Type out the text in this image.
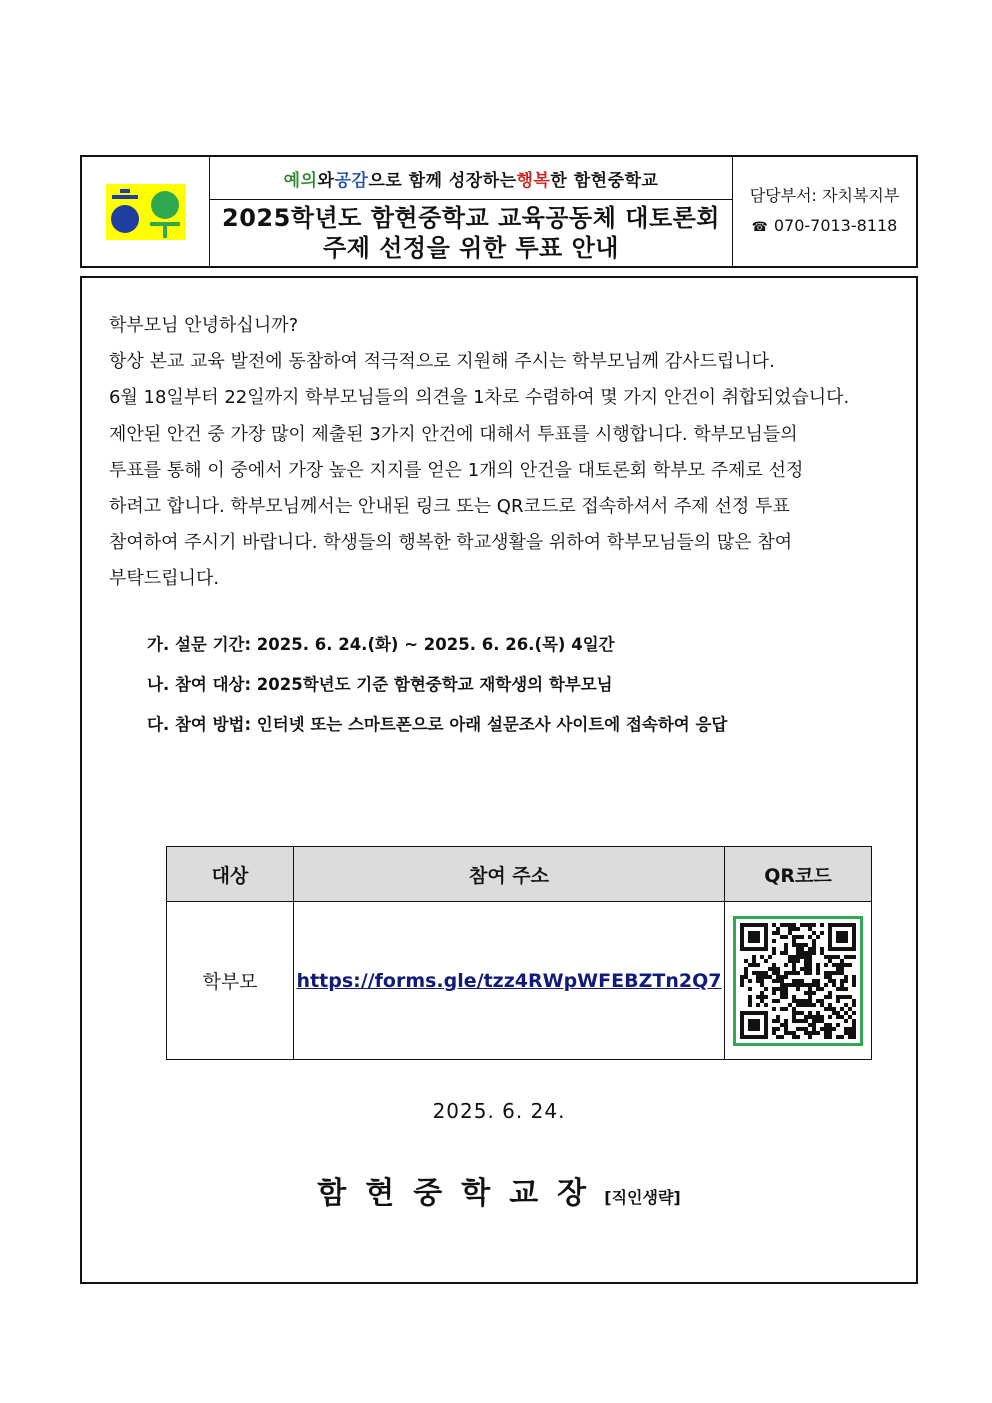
예의 와 공감 으로 함께 성장하는 행복 한 함현중학교
2025학년도 함현중학교 교육공동체 대토론회
주제 선정을 위한 투표 안내
담당부서: 자치복지부
☎ 070-7013-8118

학부모님 안녕하십니까?

항상 본교 교육 발전에 동참하여 적극적으로 지원해 주시는 학부모님께 감사드립니다.

6월 18일부터 22일까지 학부모님들의 의견을 1차로 수렴하여 몇 가지 안건이 취합되었습니다.

제안된 안건 중 가장 많이 제출된 3가지 안건에 대해서 투표를 시행합니다. 학부모님들의

투표를 통해 이 중에서 가장 높은 지지를 얻은 1개의 안건을 대토론회 학부모 주제로 선정

하려고 합니다. 학부모님께서는 안내된 링크 또는 QR코드로 접속하셔서 주제 선정 투표

참여하여 주시기 바랍니다. 학생들의 행복한 학교생활을 위하여 학부모님들의 많은 참여

부탁드립니다.

가. 설문 기간: 2025. 6. 24.(화) ~ 2025. 6. 26.(목) 4일간

나. 참여 대상: 2025학년도 기준 함현중학교 재학생의 학부모님

다. 참여 방법: 인터넷 또는 스마트폰으로 아래 설문조사 사이트에 접속하여 응답

대상	참여 주소	QR코드
학부모	https://forms.gle/tzz4RWpWFEBZTn2Q7	
2025. 6. 24.
함현중학교장 [직인생략]
